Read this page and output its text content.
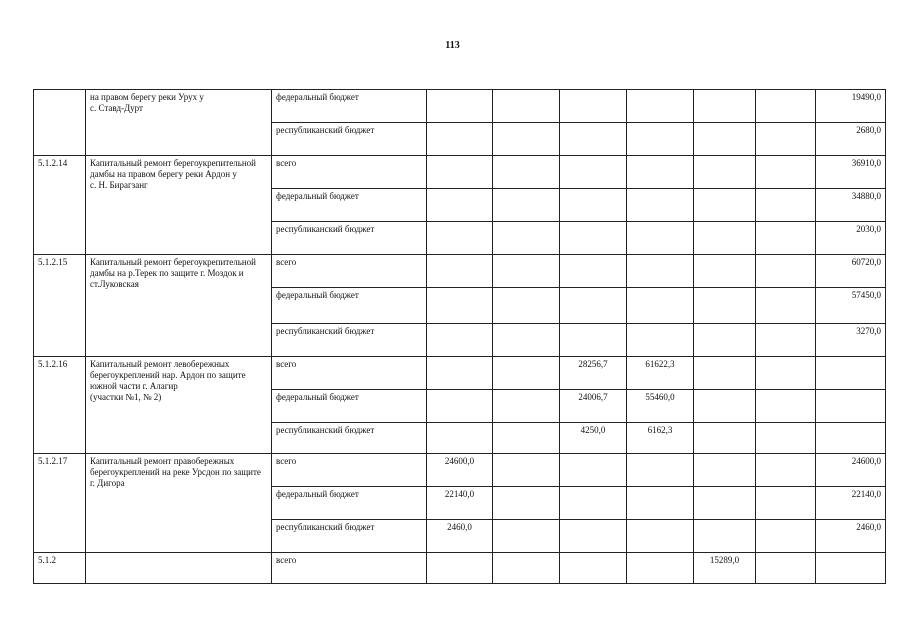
113
	на правом берегу реки Урух у
с. Ставд-Дурт	федеральный бюджет							19490,0
		республиканский бюджет							2680,0
5.1.2.14	Капитальный ремонт берегоукрепительной дамбы на правом берегу реки Ардон у
с. Н. Бирагзанг	всего							36910,0
		федеральный бюджет							34880,0
		республиканский бюджет							2030,0
5.1.2.15	Капитальный ремонт берегоукрепительной дамбы на р.Терек по защите г. Моздок и ст.Луковская	всего							60720,0
		федеральный бюджет							57450,0
		республиканский бюджет							3270,0
5.1.2.16	Капитальный ремонт левобережных берегоукреплений нар. Ардон по защите южной части г. Алагир
(участки №1, № 2)	всего			28256,7	61622,3			
		федеральный бюджет			24006,7	55460,0			
		республиканский бюджет			4250,0	6162,3			
5.1.2.17	Капитальный ремонт правобережных берегоукреплений на реке Урсдон по защите
г. Дигора	всего	24600,0						24600,0
		федеральный бюджет	22140,0						22140,0
		республиканский бюджет	2460,0						2460,0
5.1.2		всего					15289,0		
